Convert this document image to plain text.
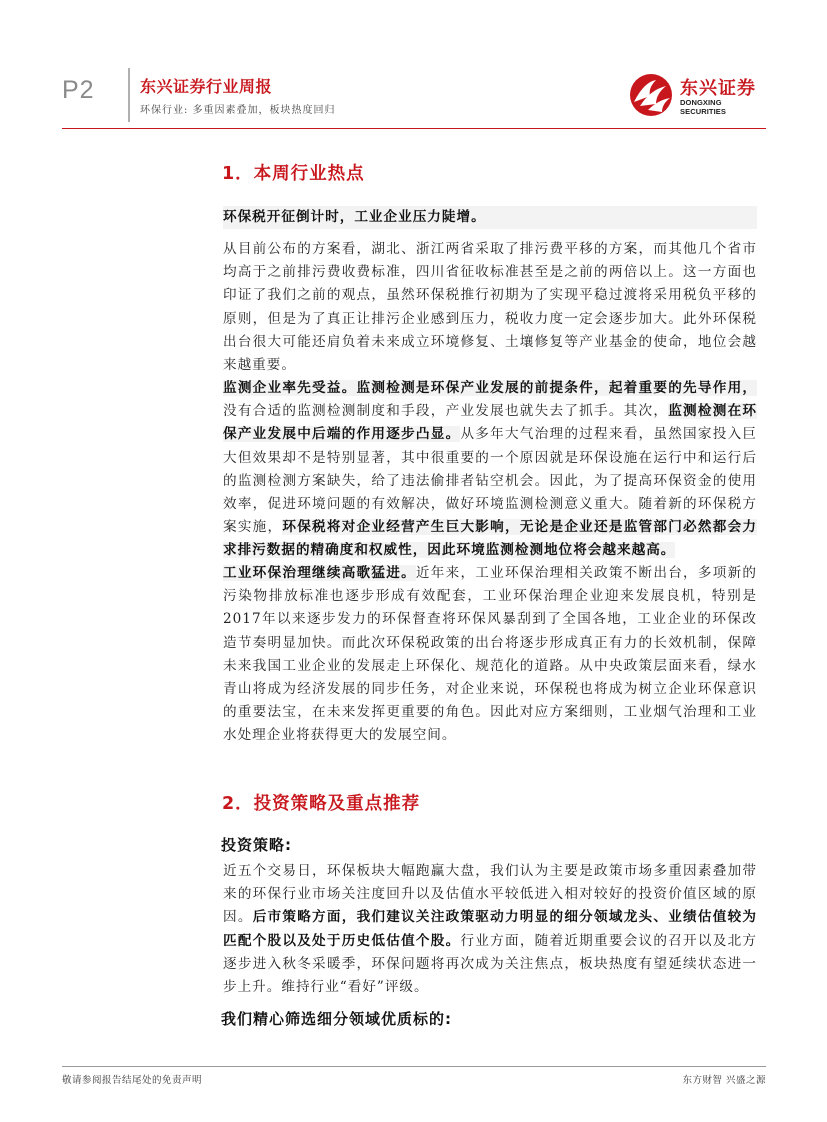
P2	东兴证券行业周报
环保行业: 多重因素叠加，板块热度回归
东兴证券
DONGXING SECURITIES
1．本周行业热点

环保税开征倒计时，工业企业压力陡增。

从目前公布的方案看，湖北、浙江两省采取了排污费平移的方案，而其他几个省市均高于之前排污费收费标准，四川省征收标准甚至是之前的两倍以上。这一方面也印证了我们之前的观点，虽然环保税推行初期为了实现平稳过渡将采用税负平移的原则，但是为了真正让排污企业感到压力，税收力度一定会逐步加大。此外环保税出台很大可能还肩负着未来成立环境修复、土壤修复等产业基金的使命，地位会越来越重要。

监测企业率先受益。监测检测是环保产业发展的前提条件，起着重要的先导作用，没有合适的监测检测制度和手段，产业发展也就失去了抓手。其次，监测检测在环保产业发展中后端的作用逐步凸显。从多年大气治理的过程来看，虽然国家投入巨大但效果却不是特别显著，其中很重要的一个原因就是环保设施在运行中和运行后的监测检测方案缺失，给了违法偷排者钻空机会。因此，为了提高环保资金的使用效率，促进环境问题的有效解决，做好环境监测检测意义重大。随着新的环保税方案实施，环保税将对企业经营产生巨大影响，无论是企业还是监管部门必然都会力求排污数据的精确度和权威性，因此环境监测检测地位将会越来越高。

工业环保治理继续高歌猛进。近年来，工业环保治理相关政策不断出台，多项新的污染物排放标准也逐步形成有效配套，工业环保治理企业迎来发展良机，特别是2017年以来逐步发力的环保督查将环保风暴刮到了全国各地，工业企业的环保改造节奏明显加快。而此次环保税政策的出台将逐步形成真正有力的长效机制，保障未来我国工业企业的发展走上环保化、规范化的道路。从中央政策层面来看，绿水青山将成为经济发展的同步任务，对企业来说，环保税也将成为树立企业环保意识的重要法宝，在未来发挥更重要的角色。因此对应方案细则，工业烟气治理和工业水处理企业将获得更大的发展空间。

2．投资策略及重点推荐
投资策略:

近五个交易日，环保板块大幅跑赢大盘，我们认为主要是政策市场多重因素叠加带来的环保行业市场关注度回升以及估值水平较低进入相对较好的投资价值区域的原因。后市策略方面，我们建议关注政策驱动力明显的细分领域龙头、业绩估值较为匹配个股以及处于历史低估值个股。行业方面，随着近期重要会议的召开以及北方逐步进入秋冬采暖季，环保问题将再次成为关注焦点，板块热度有望延续状态进一步上升。维持行业“看好”评级。

我们精心筛选细分领域优质标的:
敬请参阅报告结尾处的免责声明	东方财智 兴盛之源
